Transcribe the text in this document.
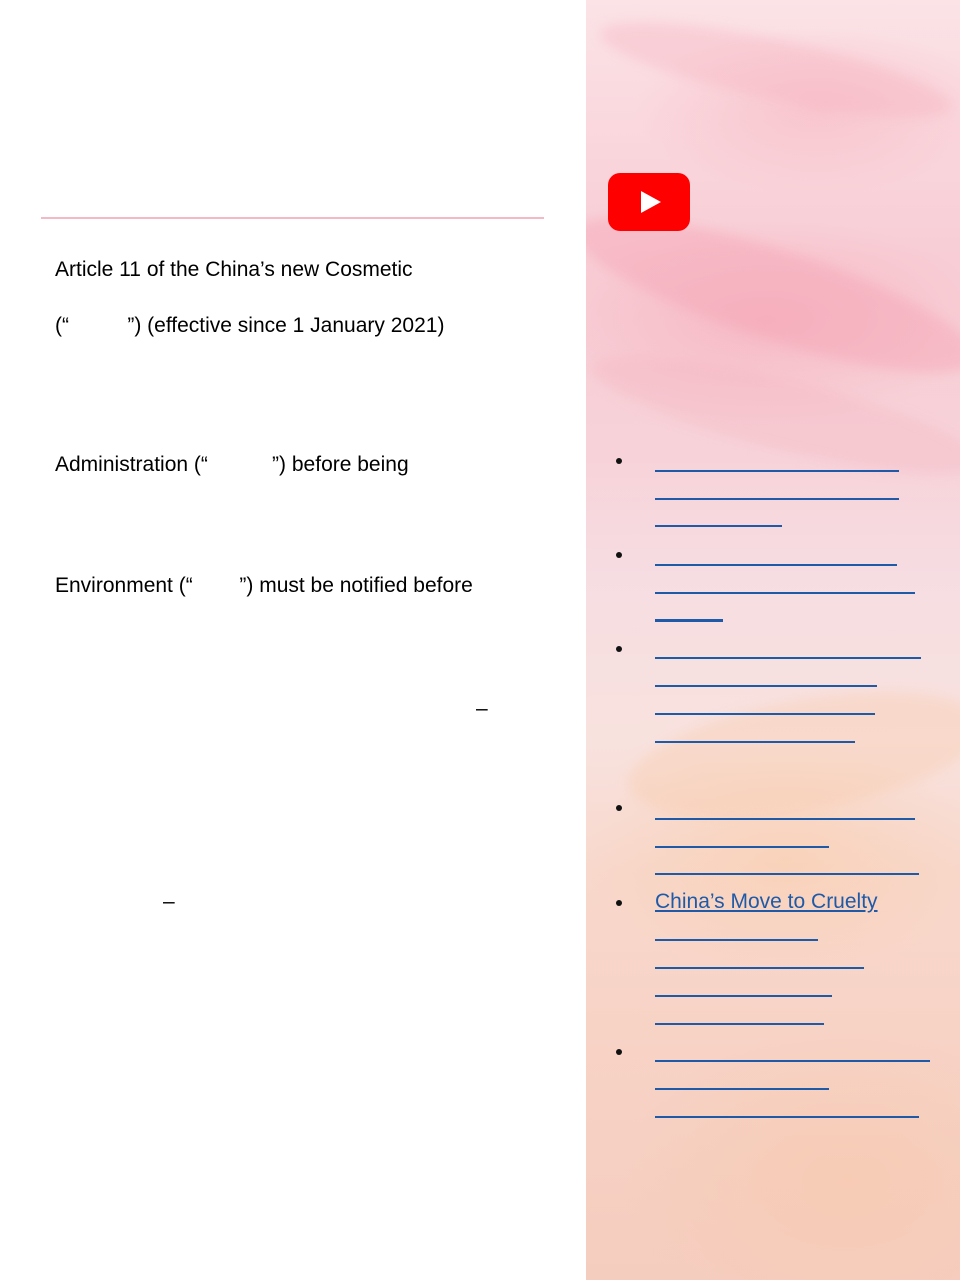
Article 11 of the China’s new Cosmetic
(“          ”) (effective since 1 January 2021)
Administration (“           ”) before being
Environment (“        ”) must be notified before
–
–	China’s Move to Cruelty
